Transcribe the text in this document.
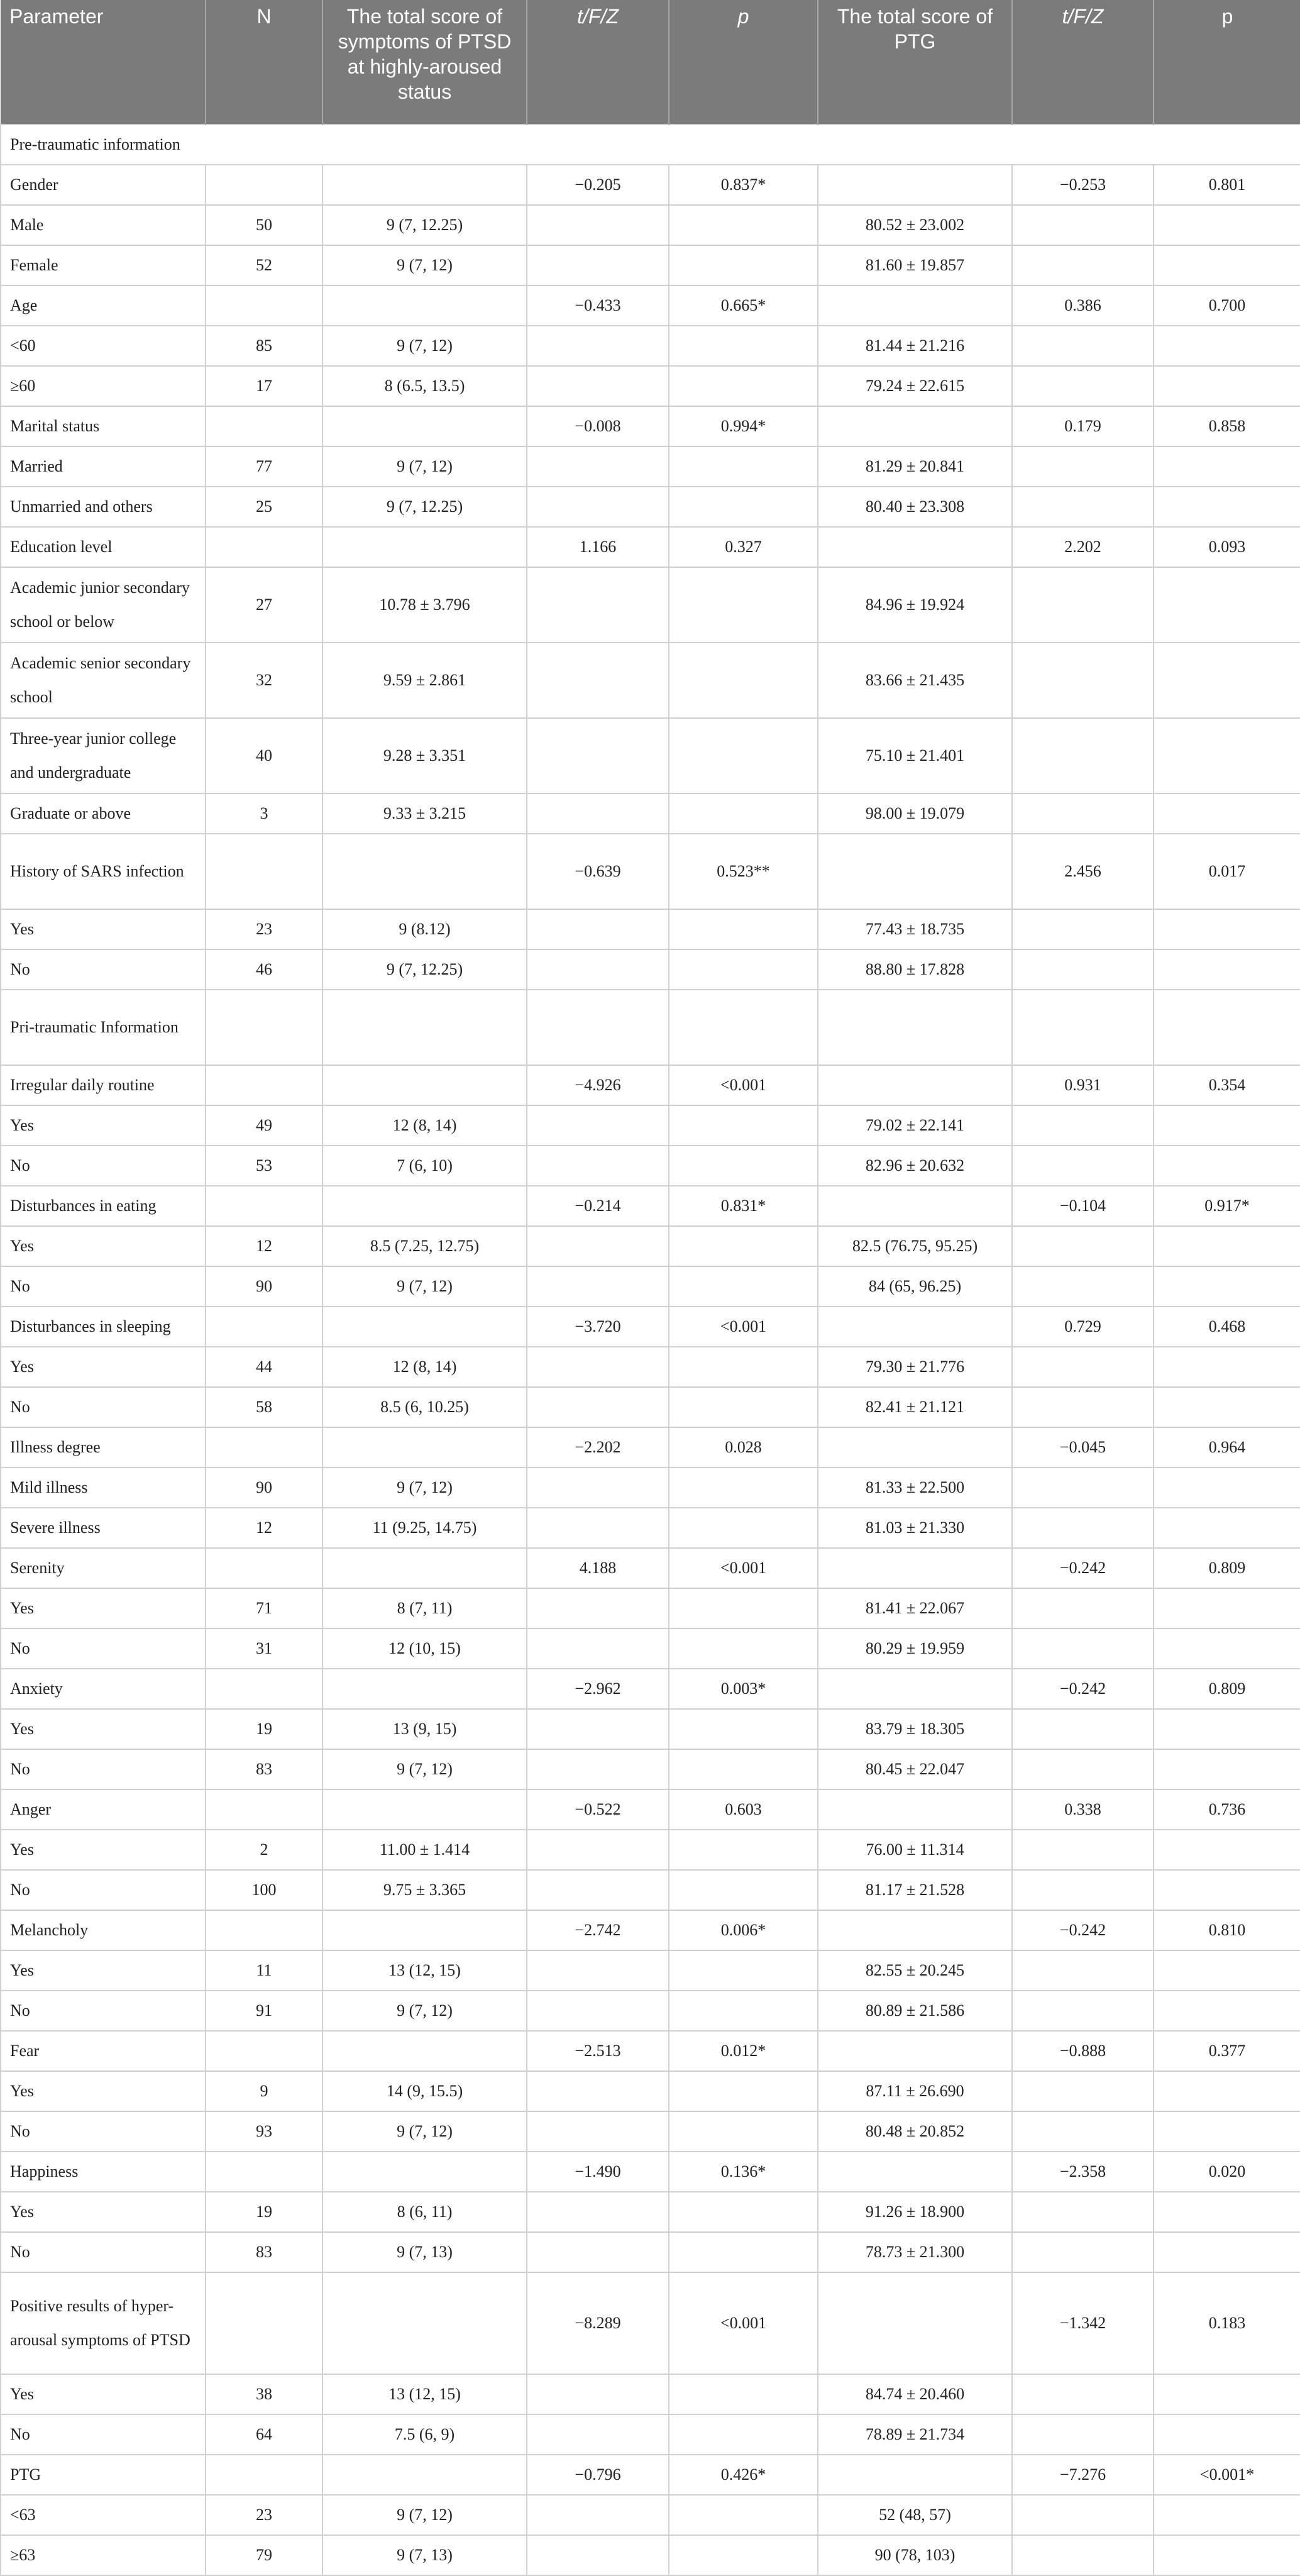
Parameter	N	The total score of symptoms of PTSD at highly-aroused status	t/F/Z	p	The total score of PTG	t/F/Z	p
Pre-traumatic information							
Gender			−0.205	0.837*		−0.253	0.801
Male	50	9 (7, 12.25)			80.52 ± 23.002		
Female	52	9 (7, 12)			81.60 ± 19.857		
Age			−0.433	0.665*		0.386	0.700
<60	85	9 (7, 12)			81.44 ± 21.216		
≥60	17	8 (6.5, 13.5)			79.24 ± 22.615		
Marital status			−0.008	0.994*		0.179	0.858
Married	77	9 (7, 12)			81.29 ± 20.841		
Unmarried and others	25	9 (7, 12.25)			80.40 ± 23.308		
Education level			1.166	0.327		2.202	0.093
Academic junior secondary school or below	27	10.78 ± 3.796			84.96 ± 19.924		
Academic senior secondary school	32	9.59 ± 2.861			83.66 ± 21.435		
Three-year junior college and undergraduate	40	9.28 ± 3.351			75.10 ± 21.401		
Graduate or above	3	9.33 ± 3.215			98.00 ± 19.079		
History of SARS infection			−0.639	0.523**		2.456	0.017
Yes	23	9 (8.12)			77.43 ± 18.735		
No	46	9 (7, 12.25)			88.80 ± 17.828		
Pri-traumatic Information							
Irregular daily routine			−4.926	<0.001		0.931	0.354
Yes	49	12 (8, 14)			79.02 ± 22.141		
No	53	7 (6, 10)			82.96 ± 20.632		
Disturbances in eating			−0.214	0.831*		−0.104	0.917*
Yes	12	8.5 (7.25, 12.75)			82.5 (76.75, 95.25)		
No	90	9 (7, 12)			84 (65, 96.25)		
Disturbances in sleeping			−3.720	<0.001		0.729	0.468
Yes	44	12 (8, 14)			79.30 ± 21.776		
No	58	8.5 (6, 10.25)			82.41 ± 21.121		
Illness degree			−2.202	0.028		−0.045	0.964
Mild illness	90	9 (7, 12)			81.33 ± 22.500		
Severe illness	12	11 (9.25, 14.75)			81.03 ± 21.330		
Serenity			4.188	<0.001		−0.242	0.809
Yes	71	8 (7, 11)			81.41 ± 22.067		
No	31	12 (10, 15)			80.29 ± 19.959		
Anxiety			−2.962	0.003*		−0.242	0.809
Yes	19	13 (9, 15)			83.79 ± 18.305		
No	83	9 (7, 12)			80.45 ± 22.047		
Anger			−0.522	0.603		0.338	0.736
Yes	2	11.00 ± 1.414			76.00 ± 11.314		
No	100	9.75 ± 3.365			81.17 ± 21.528		
Melancholy			−2.742	0.006*		−0.242	0.810
Yes	11	13 (12, 15)			82.55 ± 20.245		
No	91	9 (7, 12)			80.89 ± 21.586		
Fear			−2.513	0.012*		−0.888	0.377
Yes	9	14 (9, 15.5)			87.11 ± 26.690		
No	93	9 (7, 12)			80.48 ± 20.852		
Happiness			−1.490	0.136*		−2.358	0.020
Yes	19	8 (6, 11)			91.26 ± 18.900		
No	83	9 (7, 13)			78.73 ± 21.300		
Positive results of hyper-arousal symptoms of PTSD			−8.289	<0.001		−1.342	0.183
Yes	38	13 (12, 15)			84.74 ± 20.460		
No	64	7.5 (6, 9)			78.89 ± 21.734		
PTG			−0.796	0.426*		−7.276	<0.001*
<63	23	9 (7, 12)			52 (48, 57)		
≥63	79	9 (7, 13)			90 (78, 103)		
